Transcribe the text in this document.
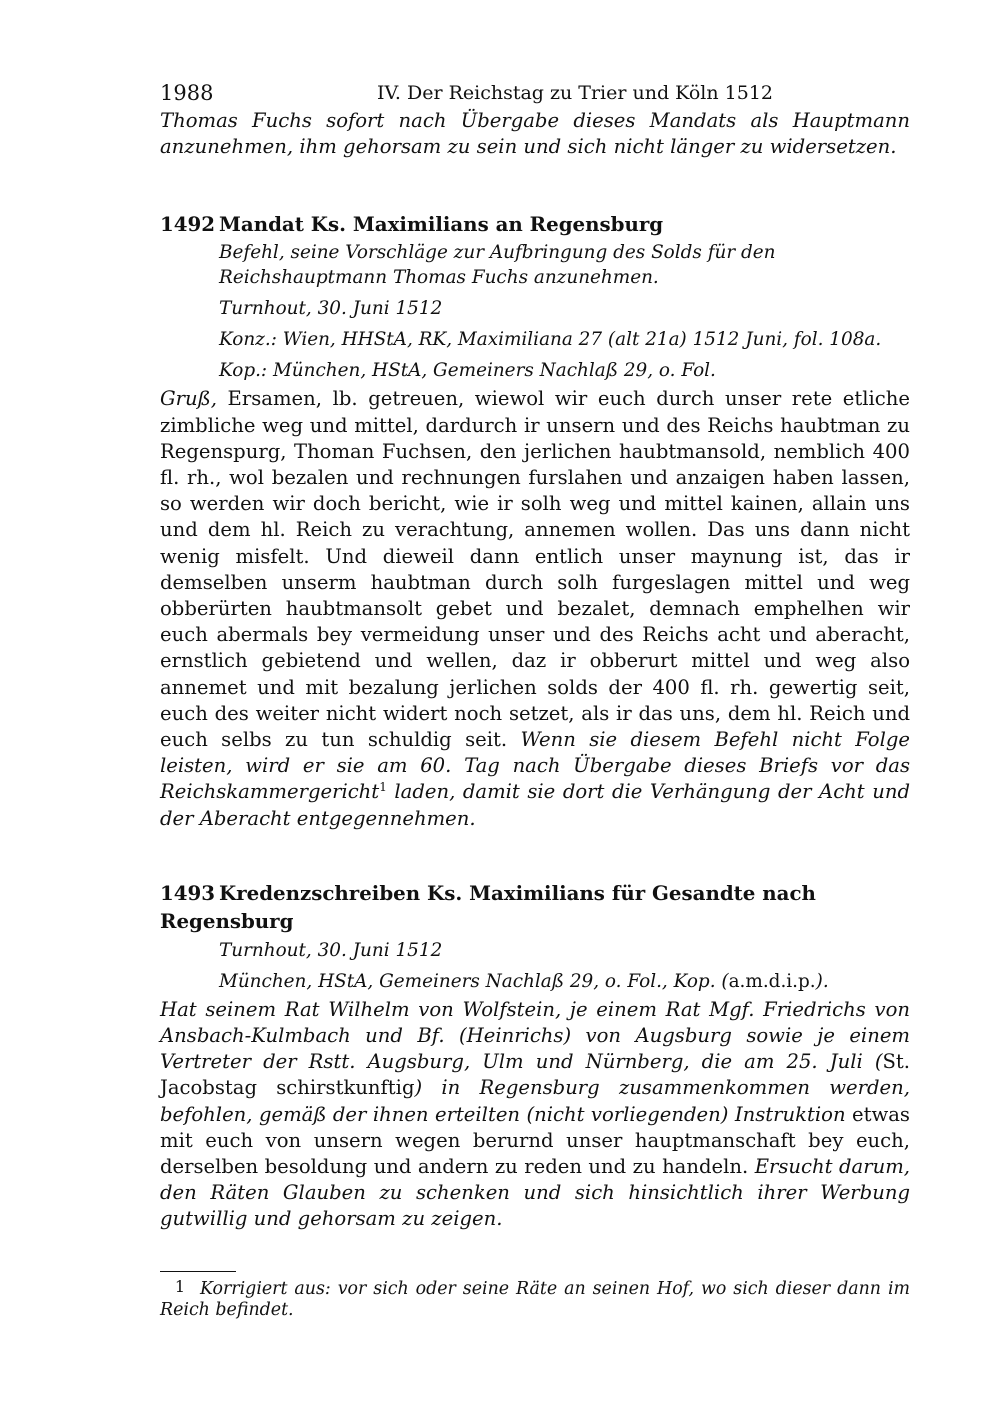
1988	IV. Der Reichstag zu Trier und Köln 1512

Thomas Fuchs sofort nach Übergabe dieses Mandats als Hauptmann anzunehmen, ihm gehorsam zu sein und sich nicht länger zu widersetzen.

1492 Mandat Ks. Maximilians an Regensburg

Befehl, seine Vorschläge zur Aufbringung des Solds für den Reichshauptmann Thomas Fuchs anzunehmen.

Turnhout, 30. Juni 1512

Konz.: Wien, HHStA, RK, Maximiliana 27 (alt 21a) 1512 Juni, fol. 108a.

Kop.: München, HStA, Gemeiners Nachlaß 29, o. Fol.

Gruß, Ersamen, lb. getreuen, wiewol wir euch durch unser rete etliche zimbliche weg und mittel, dardurch ir unsern und des Reichs haubtman zu Regenspurg, Thoman Fuchsen, den jerlichen haubtmansold, nemblich 400 fl. rh., wol bezalen und rechnungen furslahen und anzaigen haben lassen, so werden wir doch bericht, wie ir solh weg und mittel kainen, allain uns und dem hl. Reich zu verachtung, annemen wollen. Das uns dann nicht wenig misfelt. Und dieweil dann entlich unser maynung ist, das ir demselben unserm haubtman durch solh furgeslagen mittel und weg obberürten haubtmansolt gebet und bezalet, demnach emphelhen wir euch abermals bey vermeidung unser und des Reichs acht und aberacht, ernstlich gebietend und wellen, daz ir obberurt mittel und weg also annemet und mit bezalung jerlichen solds der 400 fl. rh. gewertig seit, euch des weiter nicht widert noch setzet, als ir das uns, dem hl. Reich und euch selbs zu tun schuldig seit. Wenn sie diesem Befehl nicht Folge leisten, wird er sie am 60. Tag nach Übergabe dieses Briefs vor das Reichskammergericht$^1$ laden, damit sie dort die Verhängung der Acht und der Aberacht entgegennehmen.

1493 Kredenzschreiben Ks. Maximilians für Gesandte nach Regensburg

Turnhout, 30. Juni 1512

München, HStA, Gemeiners Nachlaß 29, o. Fol., Kop. (a.m.d.i.p.).

Hat seinem Rat Wilhelm von Wolfstein, je einem Rat Mgf. Friedrichs von Ansbach-Kulmbach und Bf. (Heinrichs) von Augsburg sowie je einem Vertreter der Rstt. Augsburg, Ulm und Nürnberg, die am 25. Juli (St. Jacobstag schirstkunftig) in Regensburg zusammenkommen werden, befohlen, gemäß der ihnen erteilten (nicht vorliegenden) Instruktion etwas mit euch von unsern wegen berurnd unser hauptmanschaft bey euch, derselben besoldung und andern zu reden und zu handeln. Ersucht darum, den Räten Glauben zu schenken und sich hinsichtlich ihrer Werbung gutwillig und gehorsam zu zeigen.

1 Korrigiert aus: vor sich oder seine Räte an seinen Hof, wo sich dieser dann im Reich befindet.
